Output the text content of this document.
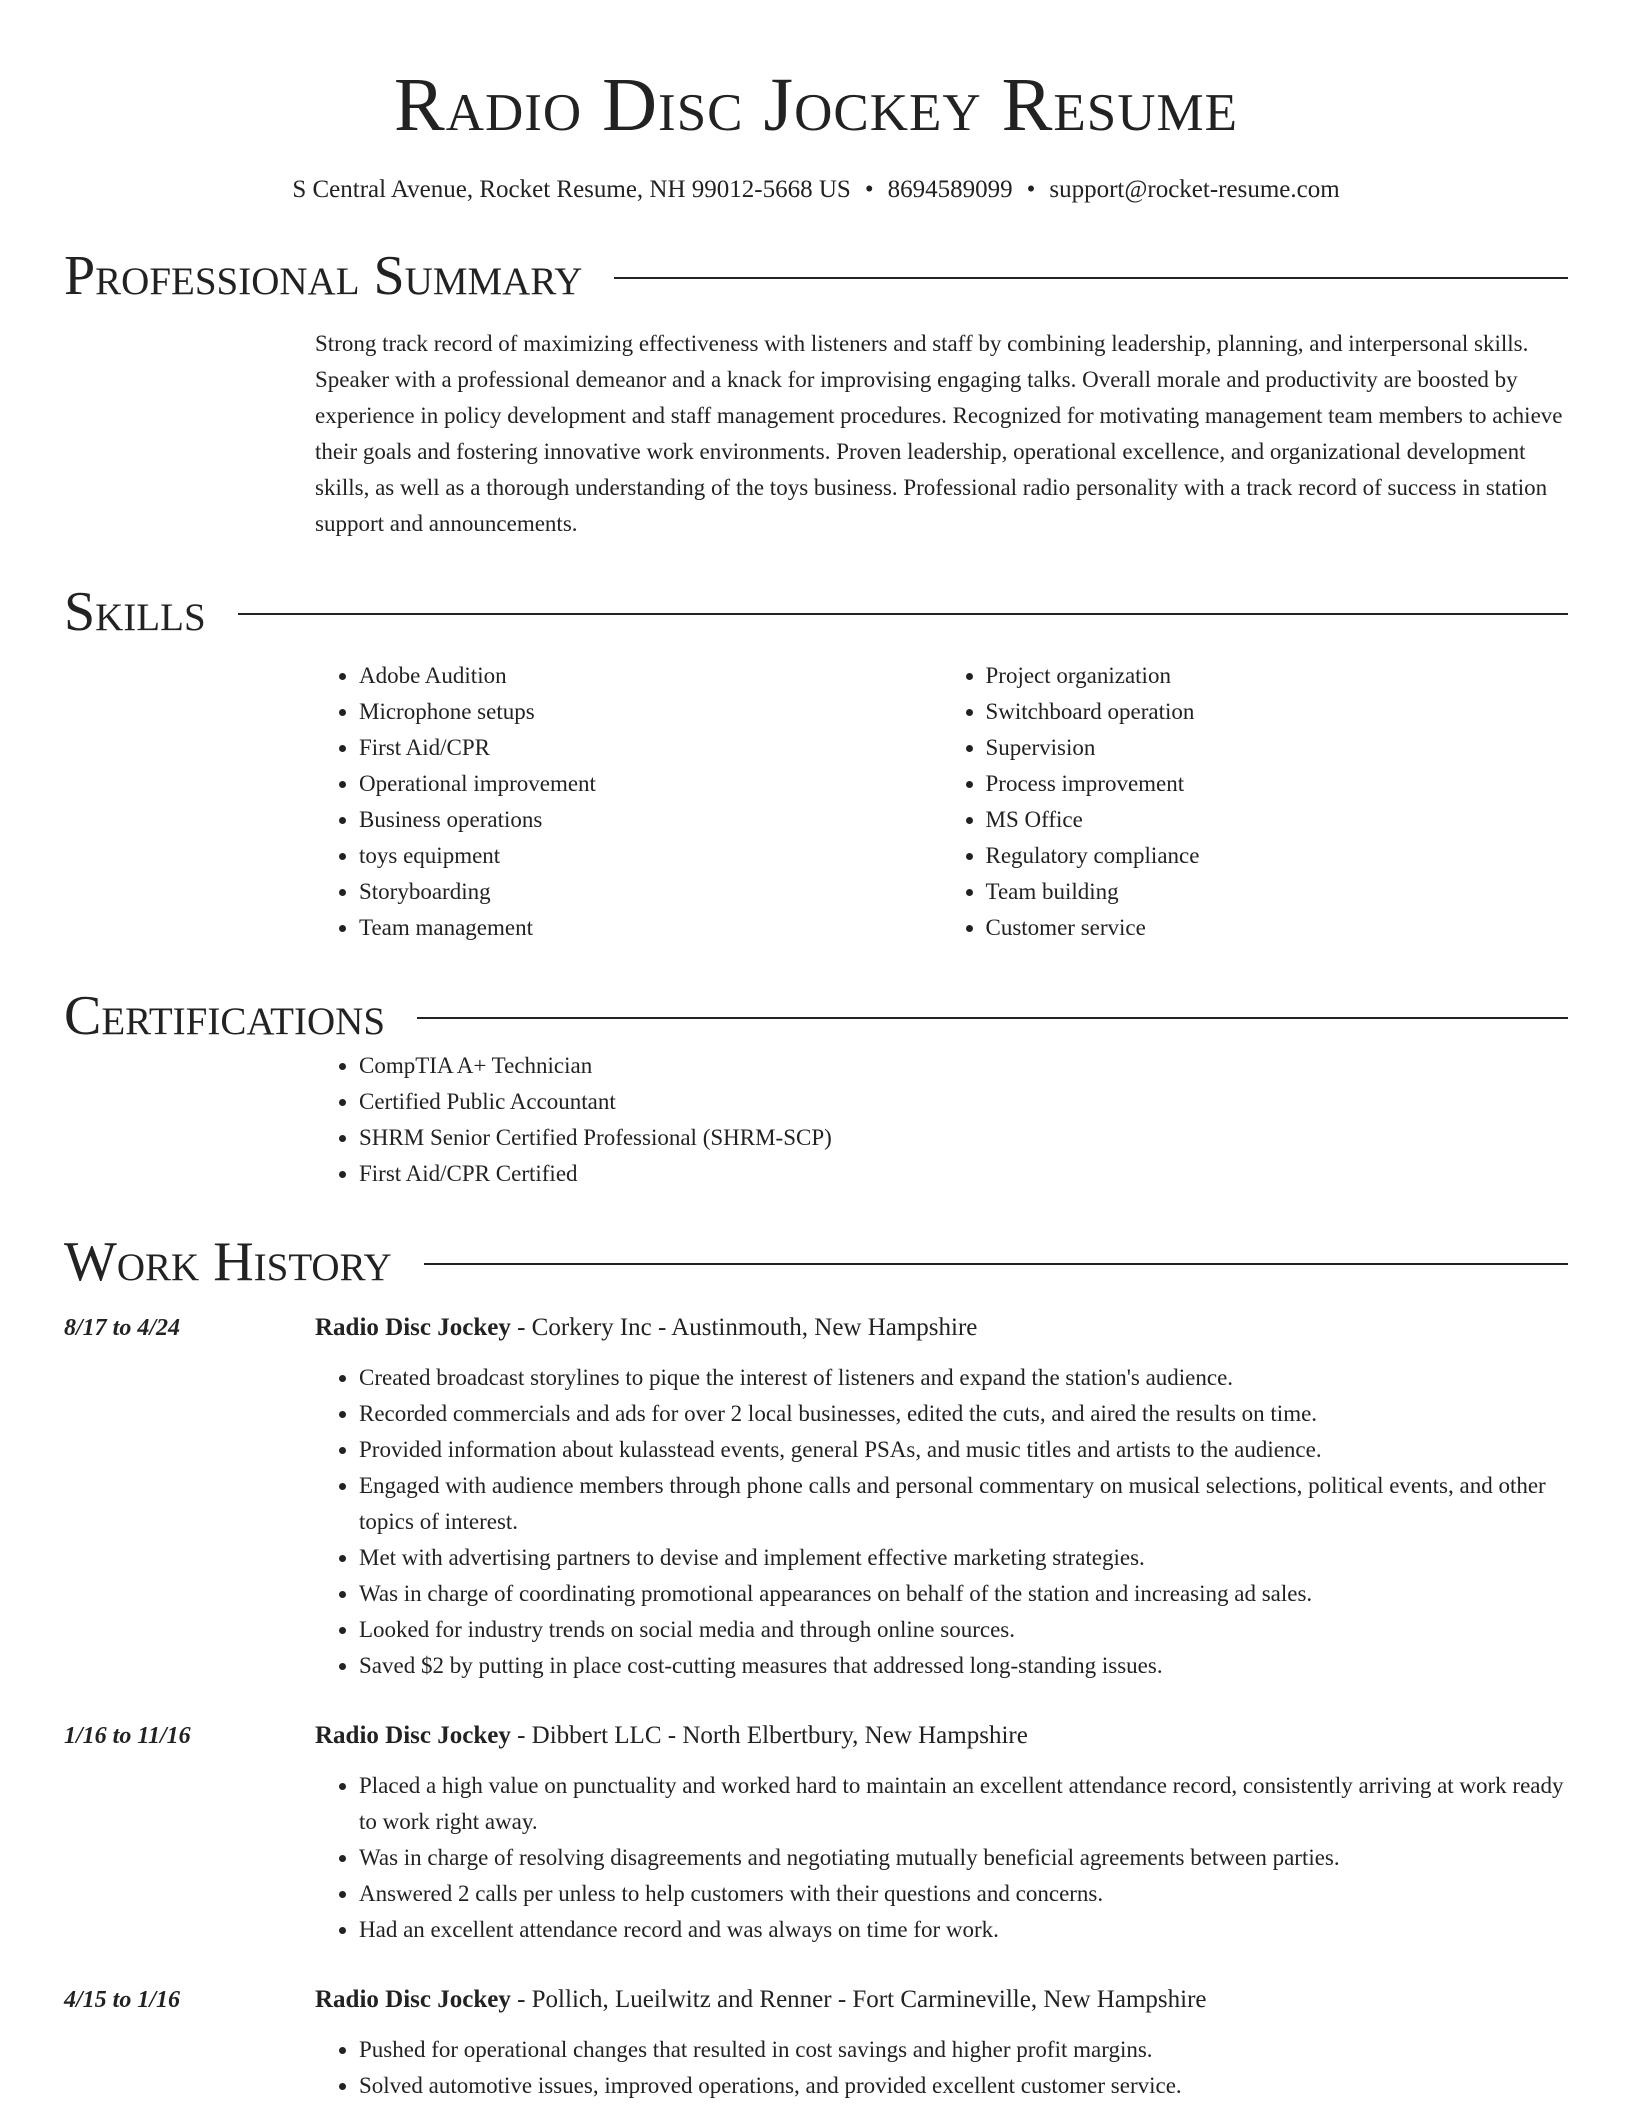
Radio Disc Jockey Resume
S Central Avenue, Rocket Resume, NH 99012-5668 US • 8694589099 • support@rocket-resume.com
Professional Summary

Strong track record of maximizing effectiveness with listeners and staff by combining leadership, planning, and interpersonal skills. Speaker with a professional demeanor and a knack for improvising engaging talks. Overall morale and productivity are boosted by experience in policy development and staff management procedures. Recognized for motivating management team members to achieve their goals and fostering innovative work environments. Proven leadership, operational excellence, and organizational development skills, as well as a thorough understanding of the toys business. Professional radio personality with a track record of success in station support and announcements.

Skills
• Adobe Audition
• Microphone setups
• First Aid/CPR
• Operational improvement
• Business operations
• toys equipment
• Storyboarding
• Team management
• Project organization
• Switchboard operation
• Supervision
• Process improvement
• MS Office
• Regulatory compliance
• Team building
• Customer service
Certifications
• CompTIA A+ Technician
• Certified Public Accountant
• SHRM Senior Certified Professional (SHRM-SCP)
• First Aid/CPR Certified
Work History
8/17 to 4/24	Radio Disc Jockey - Corkery Inc - Austinmouth, New Hampshire
• Created broadcast storylines to pique the interest of listeners and expand the station's audience.
• Recorded commercials and ads for over 2 local businesses, edited the cuts, and aired the results on time.
• Provided information about kulasstead events, general PSAs, and music titles and artists to the audience.
• Engaged with audience members through phone calls and personal commentary on musical selections, political events, and other topics of interest.
• Met with advertising partners to devise and implement effective marketing strategies.
• Was in charge of coordinating promotional appearances on behalf of the station and increasing ad sales.
• Looked for industry trends on social media and through online sources.
• Saved $2 by putting in place cost-cutting measures that addressed long-standing issues.
1/16 to 11/16	Radio Disc Jockey - Dibbert LLC - North Elbertbury, New Hampshire
• Placed a high value on punctuality and worked hard to maintain an excellent attendance record, consistently arriving at work ready to work right away.
• Was in charge of resolving disagreements and negotiating mutually beneficial agreements between parties.
• Answered 2 calls per unless to help customers with their questions and concerns.
• Had an excellent attendance record and was always on time for work.
4/15 to 1/16	Radio Disc Jockey - Pollich, Lueilwitz and Renner - Fort Carmineville, New Hampshire
• Pushed for operational changes that resulted in cost savings and higher profit margins.
• Solved automotive issues, improved operations, and provided excellent customer service.
